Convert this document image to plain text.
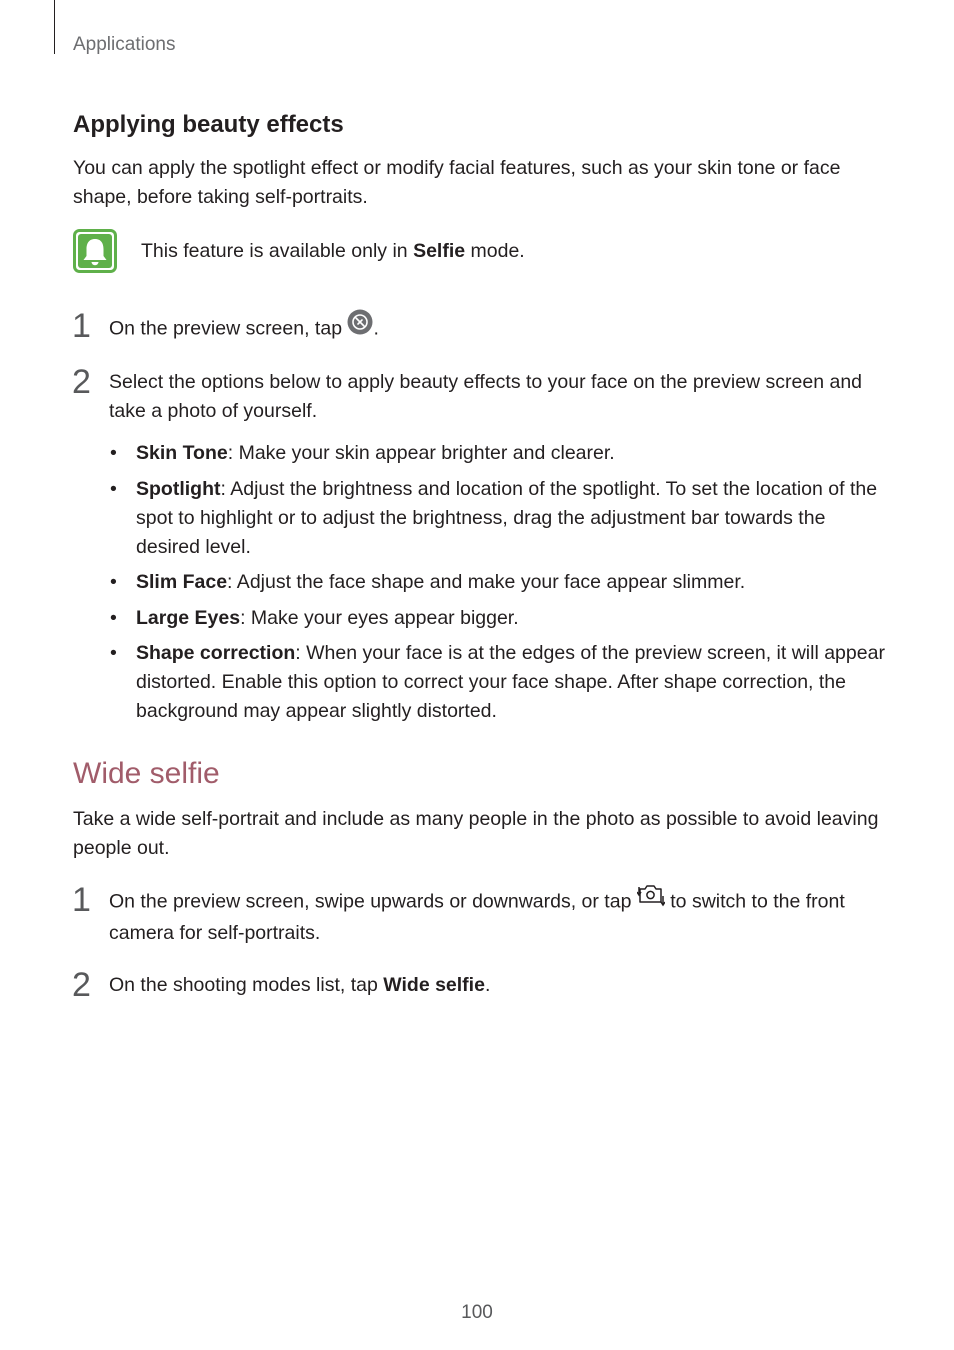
Applications
Applying beauty effects
You can apply the spotlight effect or modify facial features, such as your skin tone or face shape, before taking self-portraits.
This feature is available only in Selfie mode.
1 On the preview screen, tap .
2 Select the options below to apply beauty effects to your face on the preview screen and take a photo of yourself.
• Skin Tone: Make your skin appear brighter and clearer.
• Spotlight: Adjust the brightness and location of the spotlight. To set the location of the spot to highlight or to adjust the brightness, drag the adjustment bar towards the desired level.
• Slim Face: Adjust the face shape and make your face appear slimmer.
• Large Eyes: Make your eyes appear bigger.
• Shape correction: When your face is at the edges of the preview screen, it will appear distorted. Enable this option to correct your face shape. After shape correction, the background may appear slightly distorted.
Wide selfie
Take a wide self-portrait and include as many people in the photo as possible to avoid leaving people out.
1 On the preview screen, swipe upwards or downwards, or tap  to switch to the front camera for self-portraits.
2 On the shooting modes list, tap Wide selfie.
100
